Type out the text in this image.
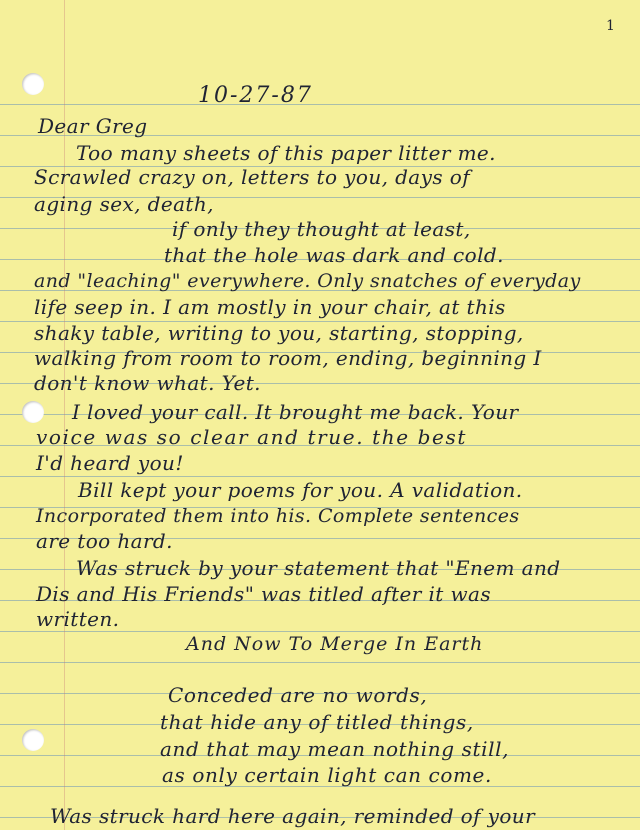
1
10-27-87
Dear Greg
Too many sheets of this paper litter me.
Scrawled crazy on, letters to you, days of
aging sex, death,
if only they thought at least,
that the hole was dark and cold.
and "leaching" everywhere. Only snatches of everyday
life seep in. I am mostly in your chair, at this
shaky table, writing to you, starting, stopping,
walking from room to room, ending, beginning I
don't know what. Yet.
I loved your call. It brought me back. Your
voice was so clear and true. the best
I'd heard you!
Bill kept your poems for you. A validation.
Incorporated them into his. Complete sentences
are too hard.
Was struck by your statement that "Enem and
Dis and His Friends" was titled after it was
written.
And Now To Merge In Earth
Conceded are no words,
that hide any of titled things,
and that may mean nothing still,
as only certain light can come.
Was struck hard here again, reminded of your
